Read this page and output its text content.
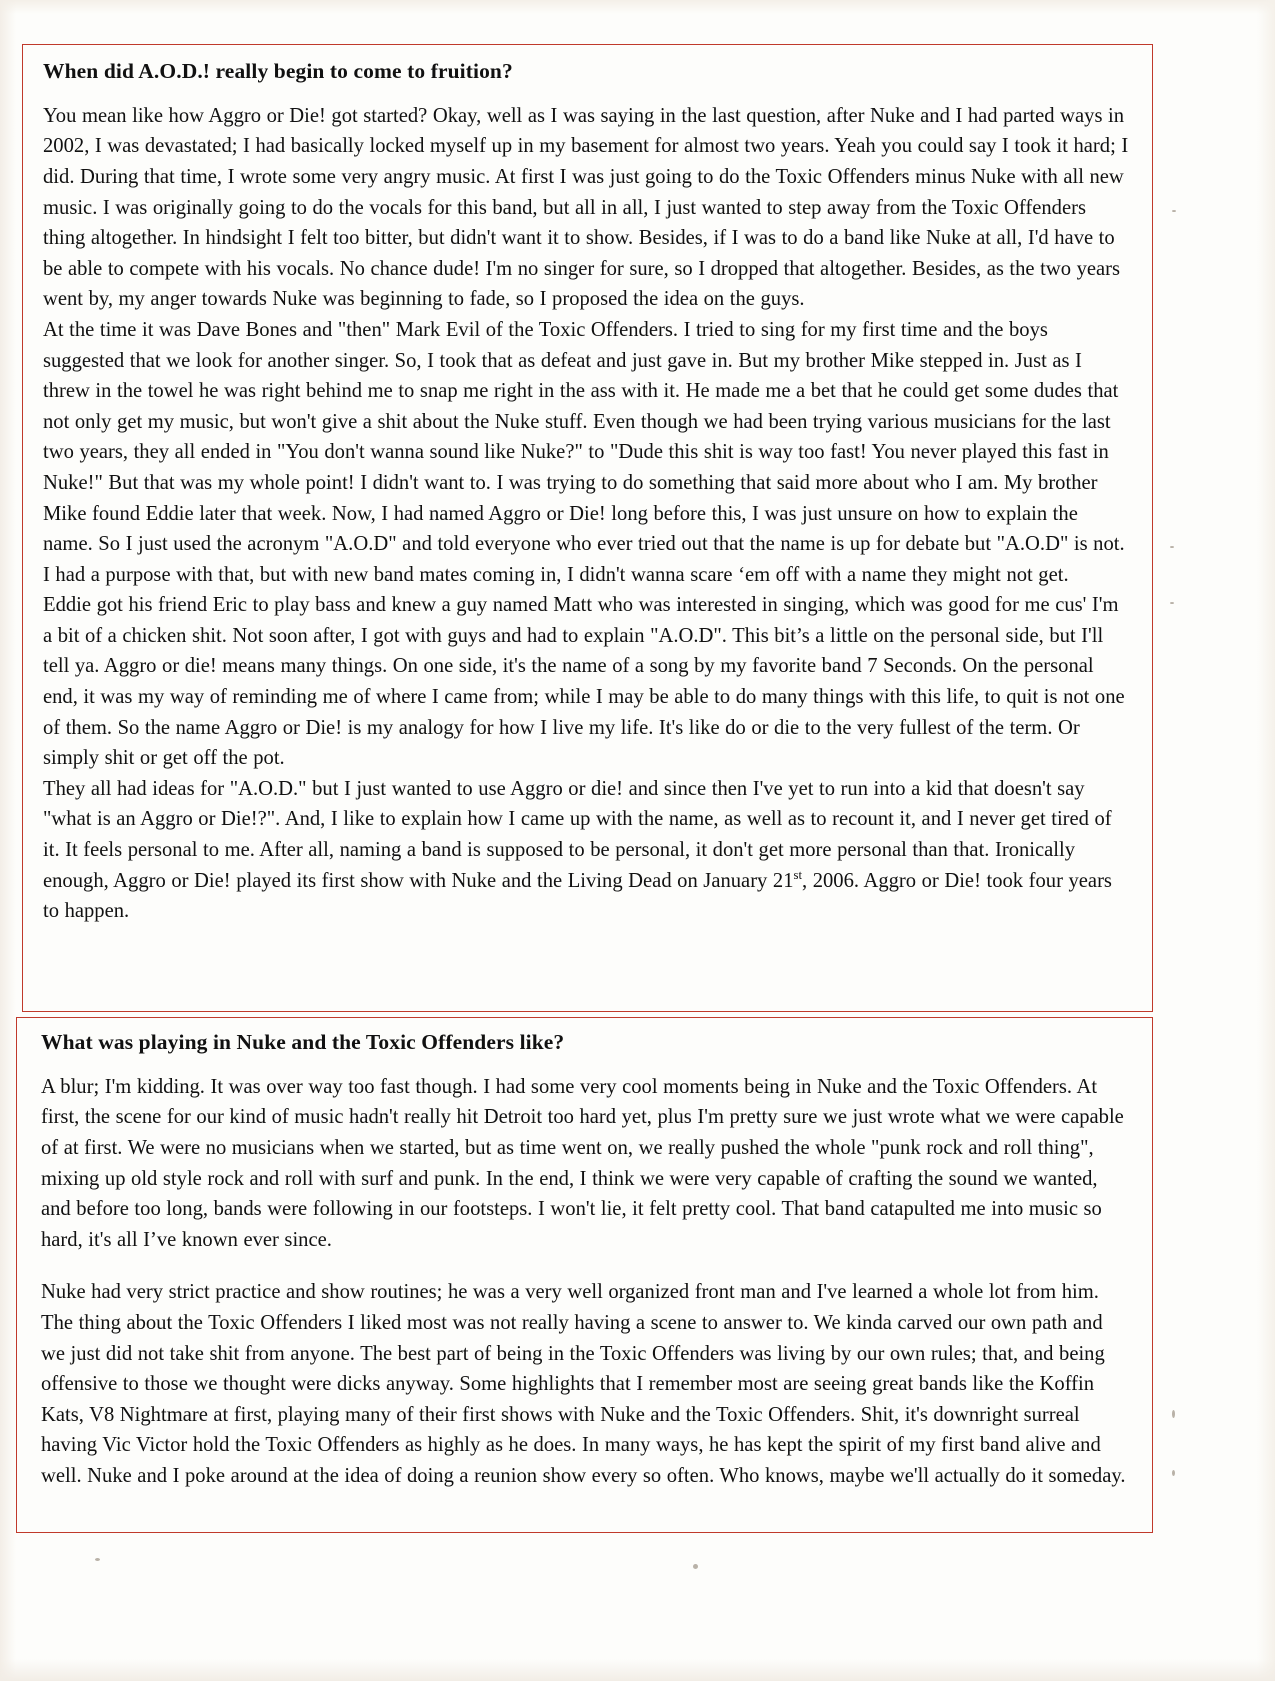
When did A.O.D.! really begin to come to fruition?

You mean like how Aggro or Die! got started? Okay, well as I was saying in the last question, after Nuke and I had parted ways in 2002, I was devastated; I had basically locked myself up in my basement for almost two years. Yeah you could say I took it hard; I did. During that time, I wrote some very angry music. At first I was just going to do the Toxic Offenders minus Nuke with all new music. I was originally going to do the vocals for this band, but all in all, I just wanted to step away from the Toxic Offenders thing altogether. In hindsight I felt too bitter, but didn't want it to show. Besides, if I was to do a band like Nuke at all, I'd have to be able to compete with his vocals. No chance dude! I'm no singer for sure, so I dropped that altogether. Besides, as the two years went by, my anger towards Nuke was beginning to fade, so I proposed the idea on the guys.

At the time it was Dave Bones and "then" Mark Evil of the Toxic Offenders. I tried to sing for my first time and the boys suggested that we look for another singer. So, I took that as defeat and just gave in. But my brother Mike stepped in. Just as I threw in the towel he was right behind me to snap me right in the ass with it. He made me a bet that he could get some dudes that not only get my music, but won't give a shit about the Nuke stuff. Even though we had been trying various musicians for the last two years, they all ended in "You don't wanna sound like Nuke?" to "Dude this shit is way too fast! You never played this fast in Nuke!" But that was my whole point! I didn't want to. I was trying to do something that said more about who I am. My brother Mike found Eddie later that week. Now, I had named Aggro or Die! long before this, I was just unsure on how to explain the name. So I just used the acronym "A.O.D" and told everyone who ever tried out that the name is up for debate but "A.O.D" is not. I had a purpose with that, but with new band mates coming in, I didn't wanna scare ‘em off with a name they might not get.

Eddie got his friend Eric to play bass and knew a guy named Matt who was interested in singing, which was good for me cus' I'm a bit of a chicken shit. Not soon after, I got with guys and had to explain "A.O.D". This bit’s a little on the personal side, but I'll tell ya. Aggro or die! means many things. On one side, it's the name of a song by my favorite band 7 Seconds. On the personal end, it was my way of reminding me of where I came from; while I may be able to do many things with this life, to quit is not one of them. So the name Aggro or Die! is my analogy for how I live my life. It's like do or die to the very fullest of the term. Or simply shit or get off the pot.

They all had ideas for "A.O.D." but I just wanted to use Aggro or die! and since then I've yet to run into a kid that doesn't say "what is an Aggro or Die!?". And, I like to explain how I came up with the name, as well as to recount it, and I never get tired of it. It feels personal to me. After all, naming a band is supposed to be personal, it don't get more personal than that. Ironically enough, Aggro or Die! played its first show with Nuke and the Living Dead on January 21st, 2006. Aggro or Die! took four years to happen.

What was playing in Nuke and the Toxic Offenders like?

A blur; I'm kidding. It was over way too fast though. I had some very cool moments being in Nuke and the Toxic Offenders. At first, the scene for our kind of music hadn't really hit Detroit too hard yet, plus I'm pretty sure we just wrote what we were capable of at first. We were no musicians when we started, but as time went on, we really pushed the whole "punk rock and roll thing", mixing up old style rock and roll with surf and punk. In the end, I think we were very capable of crafting the sound we wanted, and before too long, bands were following in our footsteps. I won't lie, it felt pretty cool. That band catapulted me into music so hard, it's all I’ve known ever since.

Nuke had very strict practice and show routines; he was a very well organized front man and I've learned a whole lot from him. The thing about the Toxic Offenders I liked most was not really having a scene to answer to. We kinda carved our own path and we just did not take shit from anyone. The best part of being in the Toxic Offenders was living by our own rules; that, and being offensive to those we thought were dicks anyway. Some highlights that I remember most are seeing great bands like the Koffin Kats, V8 Nightmare at first, playing many of their first shows with Nuke and the Toxic Offenders. Shit, it's downright surreal having Vic Victor hold the Toxic Offenders as highly as he does. In many ways, he has kept the spirit of my first band alive and well. Nuke and I poke around at the idea of doing a reunion show every so often. Who knows, maybe we'll actually do it someday.
